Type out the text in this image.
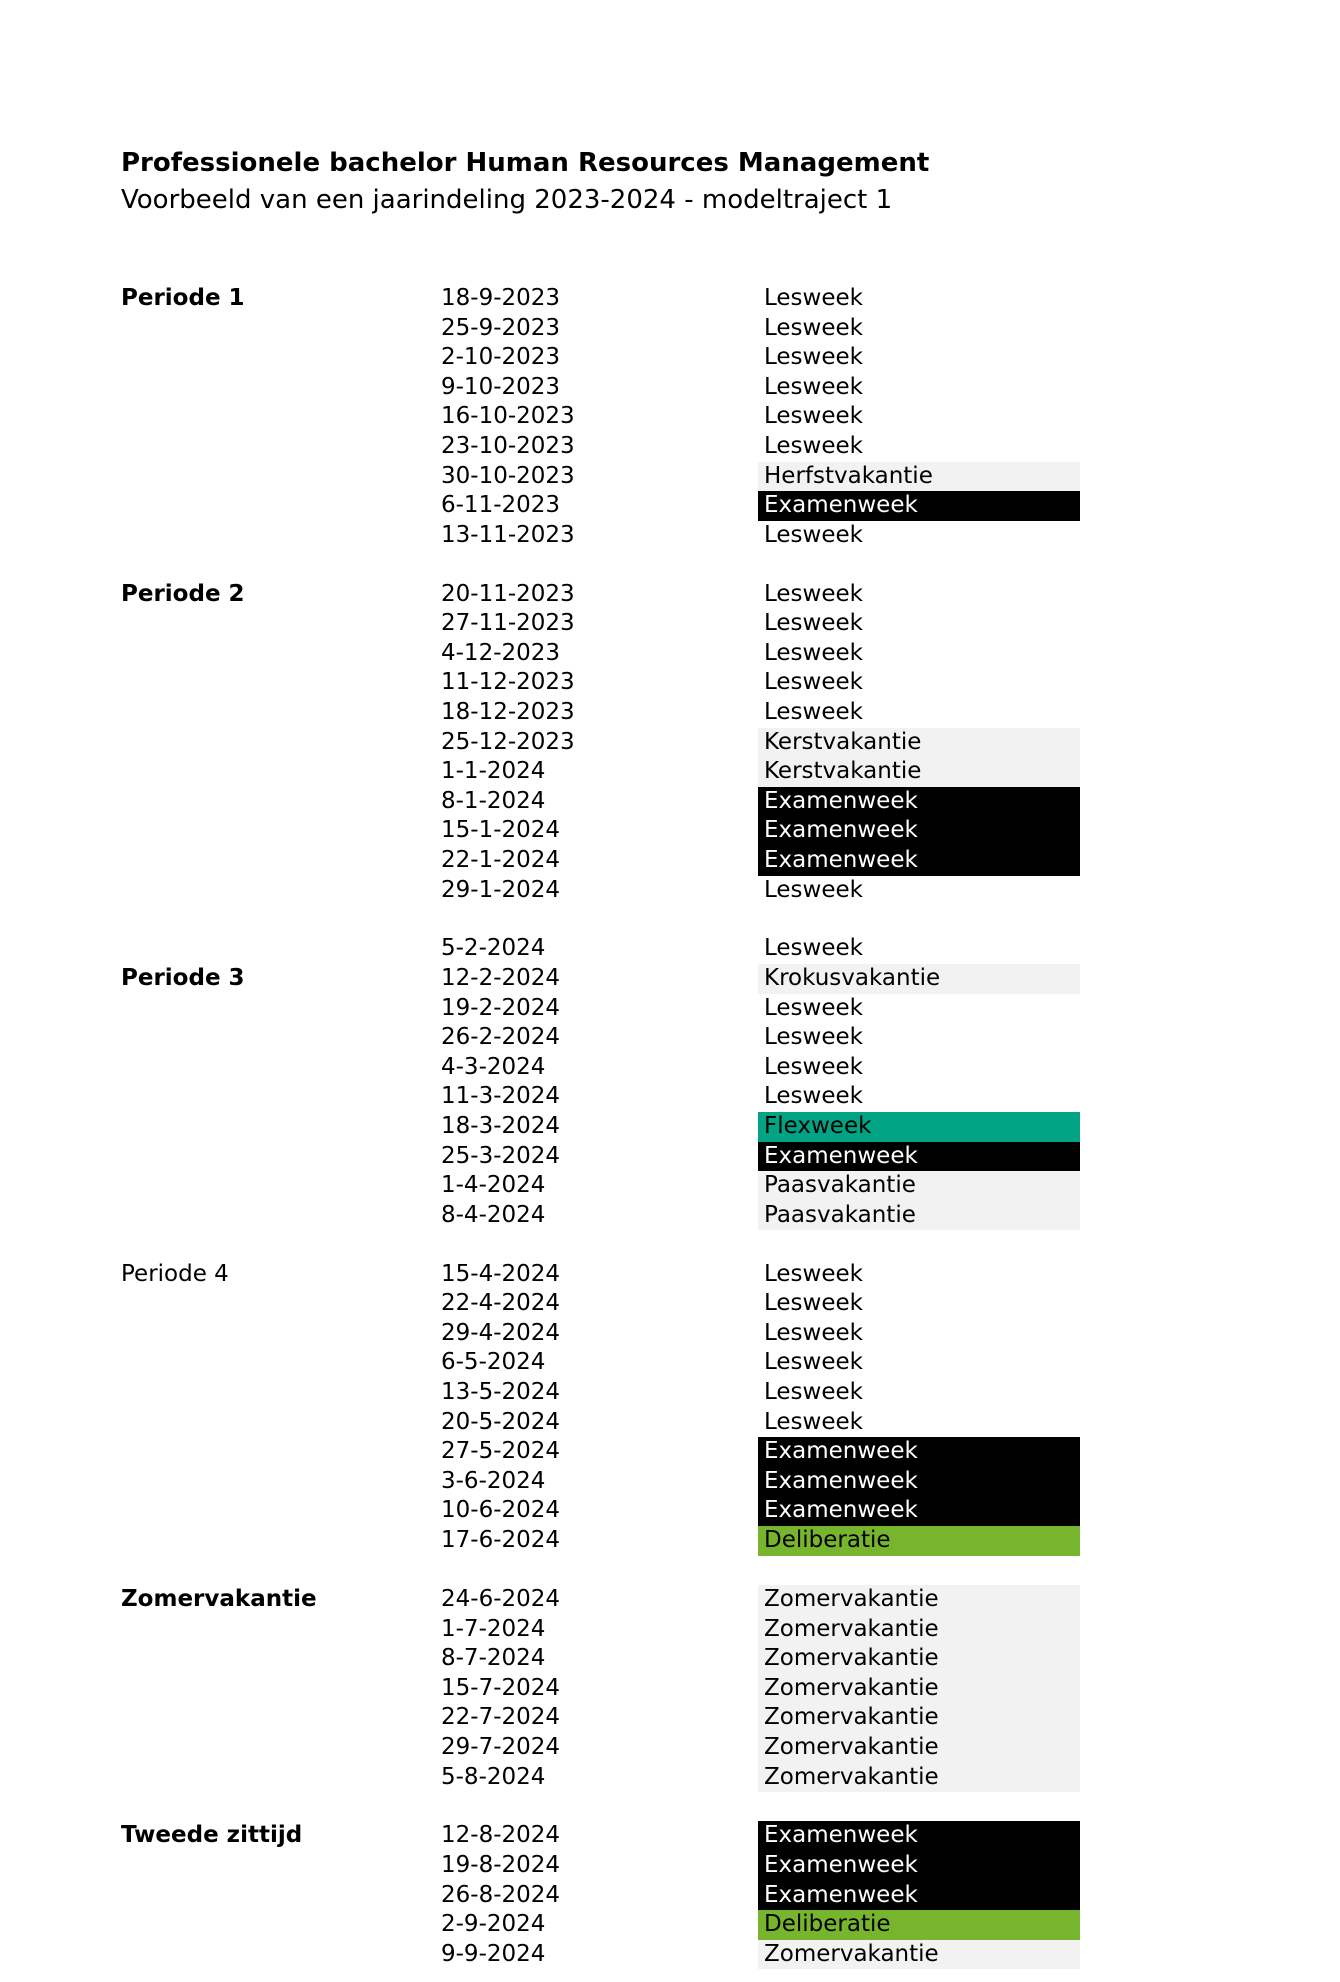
Professionele bachelor Human Resources Management
Voorbeeld van een jaarindeling 2023-2024 - modeltraject 1
Periode 1	18-9-2023	Lesweek
25-9-2023	Lesweek
2-10-2023	Lesweek
9-10-2023	Lesweek
16-10-2023	Lesweek
23-10-2023	Lesweek
30-10-2023	Herfstvakantie
6-11-2023	Examenweek
13-11-2023	Lesweek
Periode 2	20-11-2023	Lesweek
27-11-2023	Lesweek
4-12-2023	Lesweek
11-12-2023	Lesweek
18-12-2023	Lesweek
25-12-2023	Kerstvakantie
1-1-2024	Kerstvakantie
8-1-2024	Examenweek
15-1-2024	Examenweek
22-1-2024	Examenweek
29-1-2024	Lesweek
5-2-2024	Lesweek
Periode 3	12-2-2024	Krokusvakantie
19-2-2024	Lesweek
26-2-2024	Lesweek
4-3-2024	Lesweek
11-3-2024	Lesweek
18-3-2024	Flexweek
25-3-2024	Examenweek
1-4-2024	Paasvakantie
8-4-2024	Paasvakantie
Periode 4	15-4-2024	Lesweek
22-4-2024	Lesweek
29-4-2024	Lesweek
6-5-2024	Lesweek
13-5-2024	Lesweek
20-5-2024	Lesweek
27-5-2024	Examenweek
3-6-2024	Examenweek
10-6-2024	Examenweek
17-6-2024	Deliberatie
Zomervakantie	24-6-2024	Zomervakantie
1-7-2024	Zomervakantie
8-7-2024	Zomervakantie
15-7-2024	Zomervakantie
22-7-2024	Zomervakantie
29-7-2024	Zomervakantie
5-8-2024	Zomervakantie
Tweede zittijd	12-8-2024	Examenweek
19-8-2024	Examenweek
26-8-2024	Examenweek
2-9-2024	Deliberatie
9-9-2024	Zomervakantie
